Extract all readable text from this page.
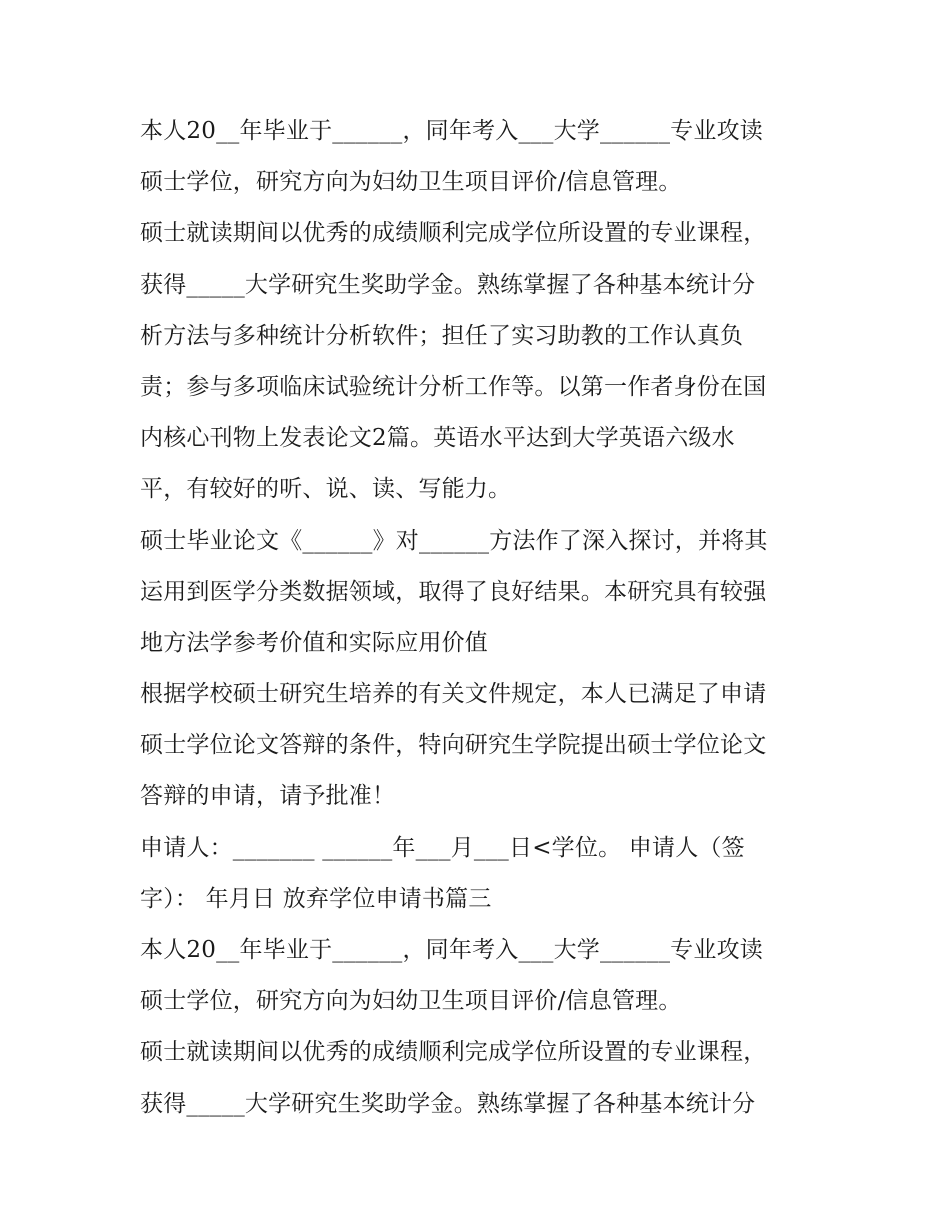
本人20__年毕业于______，同年考入___大学______专业攻读
硕士学位，研究方向为妇幼卫生项目评价/信息管理。
硕士就读期间以优秀的成绩顺利完成学位所设置的专业课程，
获得_____大学研究生奖助学金。熟练掌握了各种基本统计分
析方法与多种统计分析软件；担任了实习助教的工作认真负
责；参与多项临床试验统计分析工作等。以第一作者身份在国
内核心刊物上发表论文2篇。英语水平达到大学英语六级水
平，有较好的听、说、读、写能力。
硕士毕业论文《______》对______方法作了深入探讨，并将其
运用到医学分类数据领域，取得了良好结果。本研究具有较强
地方法学参考价值和实际应用价值
根据学校硕士研究生培养的有关文件规定，本人已满足了申请
硕士学位论文答辩的条件，特向研究生学院提出硕士学位论文
答辩的申请，请予批准！
申请人：_______ ______年___月___日<学位。 申请人（签
字）： 年月日 放弃学位申请书篇三
本人20__年毕业于______，同年考入___大学______专业攻读
硕士学位，研究方向为妇幼卫生项目评价/信息管理。
硕士就读期间以优秀的成绩顺利完成学位所设置的专业课程，
获得_____大学研究生奖助学金。熟练掌握了各种基本统计分
